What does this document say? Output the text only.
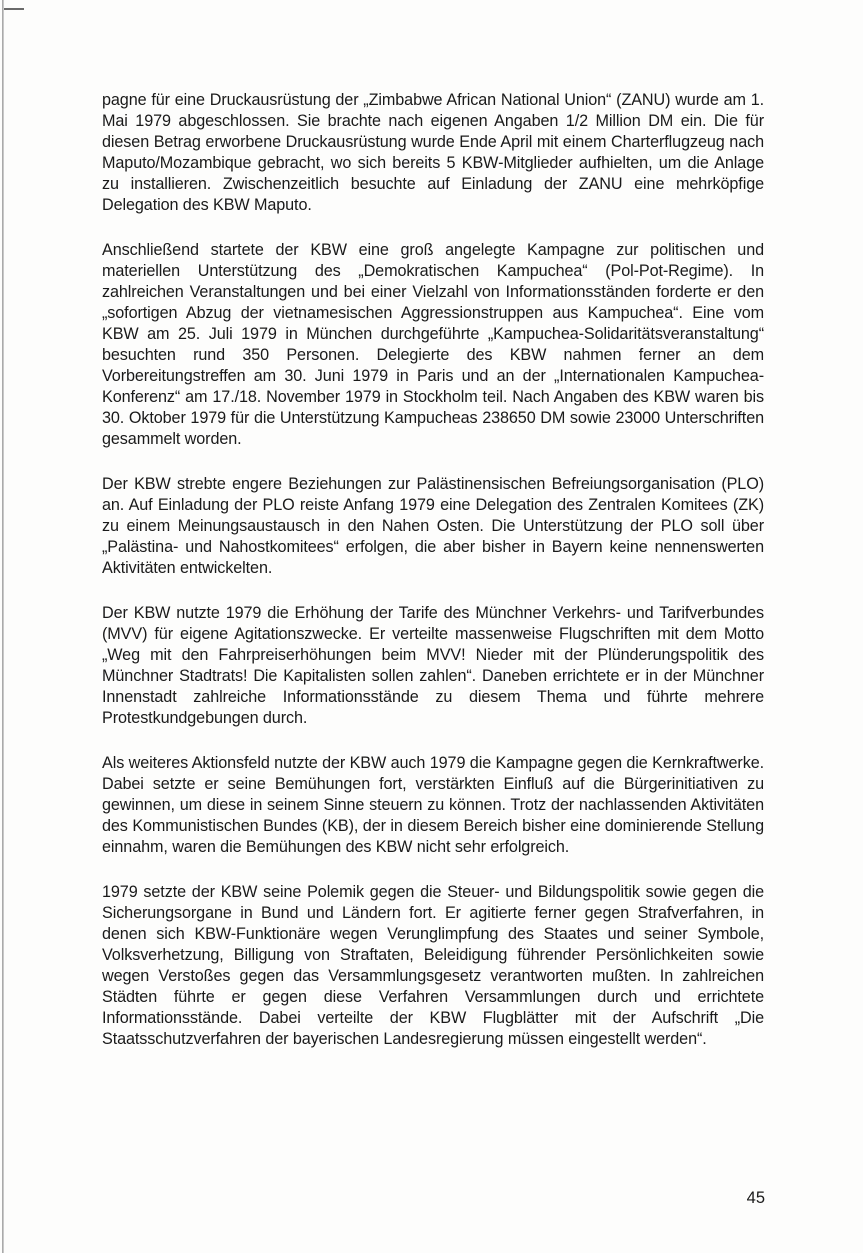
pagne für eine Druckausrüstung der „Zimbabwe African National Union“ (ZANU) wurde am 1. Mai 1979 abgeschlossen. Sie brachte nach eigenen Angaben 1/2 Million DM ein. Die für diesen Betrag erworbene Druckausrüstung wurde Ende April mit einem Charterflugzeug nach Maputo/Mozambique gebracht, wo sich bereits 5 KBW-Mitglieder aufhielten, um die Anlage zu installieren. Zwischenzeitlich besuchte auf Einladung der ZANU eine mehrköpfige Delegation des KBW Maputo.

Anschließend startete der KBW eine groß angelegte Kampagne zur politischen und materiellen Unterstützung des „Demokratischen Kampuchea“ (Pol-Pot-Regime). In zahlreichen Veranstaltungen und bei einer Vielzahl von Informationsständen forderte er den „sofortigen Abzug der vietnamesischen Aggressionstruppen aus Kampuchea“. Eine vom KBW am 25. Juli 1979 in München durchgeführte „Kampuchea-Solidaritätsveranstaltung“ besuchten rund 350 Personen. Delegierte des KBW nahmen ferner an dem Vorbereitungstreffen am 30. Juni 1979 in Paris und an der „Internationalen Kampuchea-Konferenz“ am 17./18. November 1979 in Stockholm teil. Nach Angaben des KBW waren bis 30. Oktober 1979 für die Unterstützung Kampucheas 238650 DM sowie 23000 Unterschriften gesammelt worden.

Der KBW strebte engere Beziehungen zur Palästinensischen Befreiungsorganisation (PLO) an. Auf Einladung der PLO reiste Anfang 1979 eine Delegation des Zentralen Komitees (ZK) zu einem Meinungsaustausch in den Nahen Osten. Die Unterstützung der PLO soll über „Palästina- und Nahostkomitees“ erfolgen, die aber bisher in Bayern keine nennenswerten Aktivitäten entwickelten.

Der KBW nutzte 1979 die Erhöhung der Tarife des Münchner Verkehrs- und Tarifverbundes (MVV) für eigene Agitationszwecke. Er verteilte massenweise Flugschriften mit dem Motto „Weg mit den Fahrpreiserhöhungen beim MVV! Nieder mit der Plünderungspolitik des Münchner Stadtrats! Die Kapitalisten sollen zahlen“. Daneben errichtete er in der Münchner Innenstadt zahlreiche Informationsstände zu diesem Thema und führte mehrere Protestkundgebungen durch.

Als weiteres Aktionsfeld nutzte der KBW auch 1979 die Kampagne gegen die Kernkraftwerke. Dabei setzte er seine Bemühungen fort, verstärkten Einfluß auf die Bürgerinitiativen zu gewinnen, um diese in seinem Sinne steuern zu können. Trotz der nachlassenden Aktivitäten des Kommunistischen Bundes (KB), der in diesem Bereich bisher eine dominierende Stellung einnahm, waren die Bemühungen des KBW nicht sehr erfolgreich.

1979 setzte der KBW seine Polemik gegen die Steuer- und Bildungspolitik sowie gegen die Sicherungsorgane in Bund und Ländern fort. Er agitierte ferner gegen Strafverfahren, in denen sich KBW-Funktionäre wegen Verunglimpfung des Staates und seiner Symbole, Volksverhetzung, Billigung von Straftaten, Beleidigung führender Persönlichkeiten sowie wegen Verstoßes gegen das Versammlungsgesetz verantworten mußten. In zahlreichen Städten führte er gegen diese Verfahren Versammlungen durch und errichtete Informationsstände. Dabei verteilte der KBW Flugblätter mit der Aufschrift „Die Staatsschutzverfahren der bayerischen Landesregierung müssen eingestellt werden“.

45
